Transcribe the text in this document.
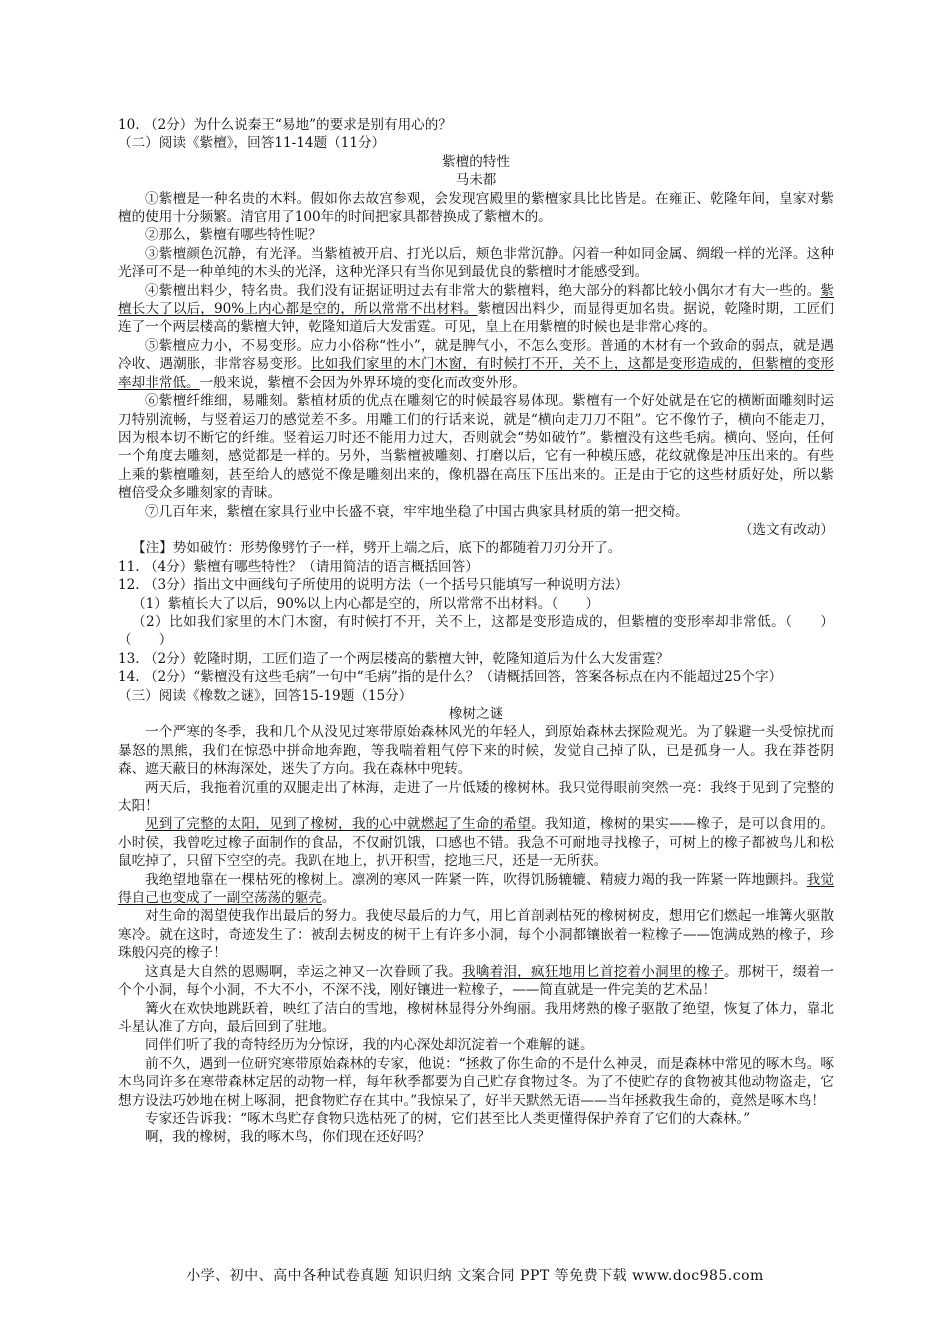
10. （2分）为什么说秦王“易地”的要求是别有用心的？

（二）阅读《紫檀》，回答11-14题（11分）

紫檀的特性

马未都

①紫檀是一种名贵的木料。假如你去故宫参观，会发现宫殿里的紫檀家具比比皆是。在雍正、乾隆年间，皇家对紫檀的使用十分频繁。清官用了100年的时间把家具都替换成了紫檀木的。

②那么，紫檀有哪些特性呢？

③紫檀颜色沉静，有光泽。当紫植被开启、打光以后，颊色非常沉静。闪着一种如同金属、绸缎一样的光泽。这种光泽可不是一种单纯的木头的光泽，这种光泽只有当你见到最优良的紫檀时才能感受到。

④紫檀出料少，特名贵。我们没有证据证明过去有非常大的紫檀料，绝大部分的料都比较小偶尔才有大一些的。紫檀长大了以后，90%上内心都是空的，所以常常不出材料。紫檀因出料少，而显得更加名贵。据说，乾隆时期，工匠们连了一个两层楼高的紫檀大钟，乾隆知道后大发雷霆。可见，皇上在用紫檀的时候也是非常心疼的。

⑤紫檀应力小，不易变形。应力小俗称“性小”，就是脾气小，不怎么变形。普通的木材有一个致命的弱点，就是遇冷收、遇潮胀，非常容易变形。比如我们家里的木门木窗，有时候打不开，关不上，这都是变形造成的，但紫檀的变形率却非常低。一般来说，紫檀不会因为外界环境的变化而改变外形。

⑥紫檀纤维细，易雕刻。紫植材质的优点在雕刻它的时候最容易体现。紫檀有一个好处就是在它的横断面雕刻时运刀特别流畅，与竖着运刀的感觉差不多。用雕工们的行话来说，就是“横向走刀刀不阻”。它不像竹子，横向不能走刀，因为根本切不断它的纤维。竖着运刀时还不能用力过大，否则就会“势如破竹”。紫檀没有这些毛病。横向、竖向，任何一个角度去雕刻，感觉都是一样的。另外，当紫檀被雕刻、打磨以后，它有一种模压感，花纹就像是冲压出来的。有些上乘的紫檀雕刻，甚至给人的感觉不像是雕刻出来的，像机器在高压下压出来的。正是由于它的这些材质好处，所以紫檀倍受众多雕刻家的青昧。

⑦几百年来，紫檀在家具行业中长盛不衰，牢牢地坐稳了中国古典家具材质的第一把交椅。

（选文有改动）

【注】势如破竹：形势像劈竹子一样，劈开上端之后，底下的都随着刀刃分开了。

11. （4分）紫檀有哪些特性？（请用简洁的语言概括回答）

12. （3分）指出文中画线句子所使用的说明方法（一个括号只能填写一种说明方法）

（1）紫植长大了以后，90%以上内心都是空的，所以常常不出材料。（　　）

（2）比如我们家里的木门木窗，有时候打不开，关不上，这都是变形造成的，但紫檀的变形率却非常低。（　　）（　　）

13. （2分）乾隆时期，工匠们造了一个两层楼高的紫檀大钟，乾隆知道后为什么大发雷霆？

14. （2分）“紫檀没有这些毛病”一句中“毛病”指的是什么？（请概括回答，答案各标点在内不能超过25个字）

（三）阅读《橡数之谜》，回答15-19题（15分）

橡树之谜

一个严寒的冬季，我和几个从没见过寒带原始森林风光的年轻人，到原始森林去探险观光。为了躲避一头受惊扰而暴怒的黑熊，我们在惊恐中拼命地奔跑，等我喘着粗气停下来的时候，发觉自己掉了队，已是孤身一人。我在莽苍阴森、遮天蔽日的林海深处，迷失了方向。我在森林中兜转。

两天后，我拖着沉重的双腿走出了林海，走进了一片低矮的橡树林。我只觉得眼前突然一亮：我终于见到了完整的太阳！

见到了完整的太阳，见到了橡树，我的心中就燃起了生命的希望。我知道，橡树的果实——橡子，是可以食用的。小时侯，我曾吃过橡子面制作的食品，不仅耐饥饿，口感也不错。我急不可耐地寻找橡子，可树上的橡子都被鸟儿和松鼠吃掉了，只留下空空的壳。我趴在地上，扒开积雪，挖地三尺，还是一无所获。

我绝望地靠在一棵枯死的橡树上。凛冽的寒风一阵紧一阵，吹得饥肠辘辘、精疲力竭的我一阵紧一阵地颤抖。我觉得自己也变成了一副空荡荡的躯壳。

对生命的渴望使我作出最后的努力。我使尽最后的力气，用匕首剖剥枯死的橡树树皮，想用它们燃起一堆篝火驱散寒冷。就在这时，奇迹发生了：被刮去树皮的树干上有许多小洞，每个小洞都镶嵌着一粒橡子——饱满成熟的橡子，珍珠般闪亮的橡子！

这真是大自然的恩赐啊，幸运之神又一次眷顾了我。我噙着泪，疯狂地用匕首挖着小洞里的橡子。那树干，缀着一个个小洞，每个小洞，不大不小，不深不浅，刚好镶进一粒橡子，——简直就是一件完美的艺术品！

篝火在欢快地跳跃着，映红了洁白的雪地，橡树林显得分外绚丽。我用烤熟的橡子驱散了绝望，恢复了体力，靠北斗星认准了方向，最后回到了驻地。

同伴们听了我的奇特经历为分惊讶，我的内心深处却沉淀着一个难解的谜。

前不久，遇到一位研究寒带原始森林的专家，他说：“拯救了你生命的不是什么神灵，而是森林中常见的啄木鸟。啄木鸟同许多在寒带森林定居的动物一样，每年秋季都要为自己贮存食物过冬。为了不使贮存的食物被其他动物盗走，它想方设法巧妙地在树上啄洞，把食物贮存在其中。”我惊呆了，好半天默然无语——当年拯救我生命的，竟然是啄木鸟！

专家还告诉我：“啄木鸟贮存食物只选枯死了的树，它们甚至比人类更懂得保护养育了它们的大森林。”

啊，我的橡树，我的啄木鸟，你们现在还好吗？

小学、初中、高中各种试卷真题 知识归纳 文案合同 PPT 等免费下载 www.doc985.com
